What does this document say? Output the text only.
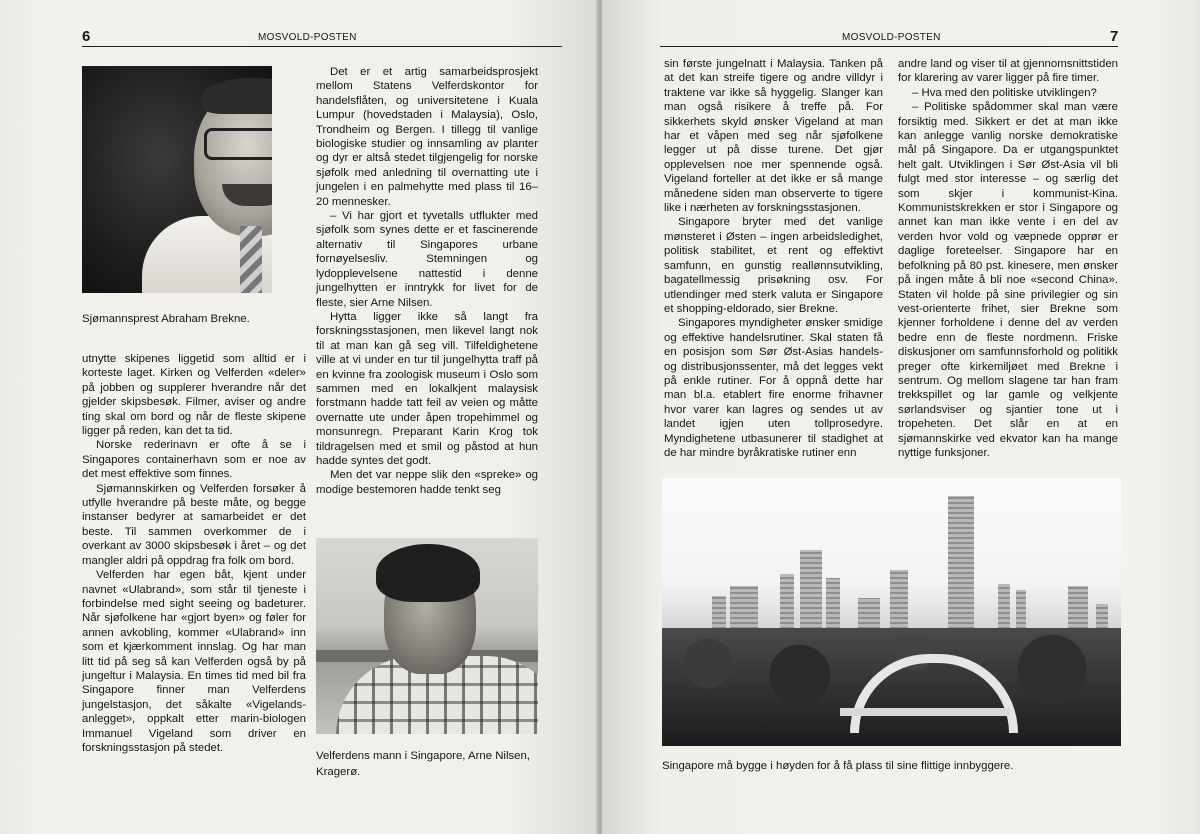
6	MOSVOLD-POSTEN
Sjømannsprest Abraham Brekne.

utnytte skipenes liggetid som alltid er i korteste laget. Kirken og Velferden «deler» på jobben og supplerer hverandre når det gjelder skipsbesøk. Filmer, aviser og andre ting skal om bord og når de fleste skipene ligger på reden, kan det ta tid.

Norske rederinavn er ofte å se i Singapores containerhavn som er noe av det mest effektive som finnes.

Sjømannskirken og Velferden forsøker å utfylle hverandre på beste måte, og begge instanser bedyrer at samarbeidet er det beste. Til sammen overkommer de i overkant av 3000 skipsbesøk i året – og det mangler aldri på oppdrag fra folk om bord.

Velferden har egen båt, kjent under navnet «Ulabrand», som står til tjeneste i forbindelse med sight seeing og badeturer. Når sjøfolkene har «gjort byen» og føler for annen avkobling, kommer «Ulabrand» inn som et kjærkomment innslag. Og har man litt tid på seg så kan Velferden også by på jungeltur i Malaysia. En times tid med bil fra Singapore finner man Velferdens jungelstasjon, det såkalte «Vigelands-anlegget», oppkalt etter marin-biologen Immanuel Vigeland som driver en forskningsstasjon på stedet.

Det er et artig samarbeidsprosjekt mellom Statens Velferdskontor for handelsflåten, og universitetene i Kuala Lumpur (hovedstaden i Malaysia), Oslo, Trondheim og Bergen. I tillegg til vanlige biologiske studier og innsamling av planter og dyr er altså stedet tilgjengelig for norske sjøfolk med anledning til overnatting ute i jungelen i en palmehytte med plass til 16–20 mennesker.

– Vi har gjort et tyvetalls utflukter med sjøfolk som synes dette er et fascinerende alternativ til Singapores urbane fornøyelsesliv. Stemningen og lydopplevelsene nattestid i denne jungelhytten er inntrykk for livet for de fleste, sier Arne Nilsen.

Hytta ligger ikke så langt fra forskningsstasjonen, men likevel langt nok til at man kan gå seg vill. Tilfeldighetene ville at vi under en tur til jungelhytta traff på en kvinne fra zoologisk museum i Oslo som sammen med en lokalkjent malaysisk forstmann hadde tatt feil av veien og måtte overnatte ute under åpen tropehimmel og monsunregn. Preparant Karin Krog tok tildragelsen med et smil og påstod at hun hadde syntes det godt.

Men det var neppe slik den «spreke» og modige bestemoren hadde tenkt seg

Velferdens mann i Singapore, Arne Nilsen, Kragerø.
MOSVOLD-POSTEN	7

sin første jungelnatt i Malaysia. Tanken på at det kan streife tigere og andre villdyr i traktene var ikke så hyggelig. Slanger kan man også risikere å treffe på. For sikkerhets skyld ønsker Vigeland at man har et våpen med seg når sjøfolkene legger ut på disse turene. Det gjør opplevelsen noe mer spennende også. Vigeland forteller at det ikke er så mange månedene siden man observerte to tigere like i nærheten av forskningsstasjonen.

Singapore bryter med det vanlige mønsteret i Østen – ingen arbeidsledighet, politisk stabilitet, et rent og effektivt samfunn, en gunstig reallønnsutvikling, bagatellmessig prisøkning osv. For utlendinger med sterk valuta er Singapore et shopping-eldorado, sier Brekne.

Singapores myndigheter ønsker smidige og effektive handelsrutiner. Skal staten få en posisjon som Sør Øst-Asias handels- og distribusjonssenter, må det legges vekt på enkle rutiner. For å oppnå dette har man bl.a. etablert fire enorme frihavner hvor varer kan lagres og sendes ut av landet igjen uten tollprosedyre. Myndighetene utbasunerer til stadighet at de har mindre byråkratiske rutiner enn

andre land og viser til at gjennomsnittstiden for klarering av varer ligger på fire timer.

– Hva med den politiske utviklingen?

– Politiske spådommer skal man være forsiktig med. Sikkert er det at man ikke kan anlegge vanlig norske demokratiske mål på Singapore. Da er utgangspunktet helt galt. Utviklingen i Sør Øst-Asia vil bli fulgt med stor interesse – og særlig det som skjer i kommunist-Kina. Kommunistskrekken er stor i Singapore og annet kan man ikke vente i en del av verden hvor vold og væpnede opprør er daglige foreteelser. Singapore har en befolkning på 80 pst. kinesere, men ønsker på ingen måte å bli noe «second China». Staten vil holde på sine privilegier og sin vest-orienterte frihet, sier Brekne som kjenner forholdene i denne del av verden bedre enn de fleste nordmenn. Friske diskusjoner om samfunnsforhold og politikk preger ofte kirkemiljøet med Brekne i sentrum. Og mellom slagene tar han fram trekkspillet og lar gamle og velkjente sørlandsviser og sjantier tone ut i tropeheten. Det slår en at en sjømannskirke ved ekvator kan ha mange nyttige funksjoner.

Singapore må bygge i høyden for å få plass til sine flittige innbyggere.
